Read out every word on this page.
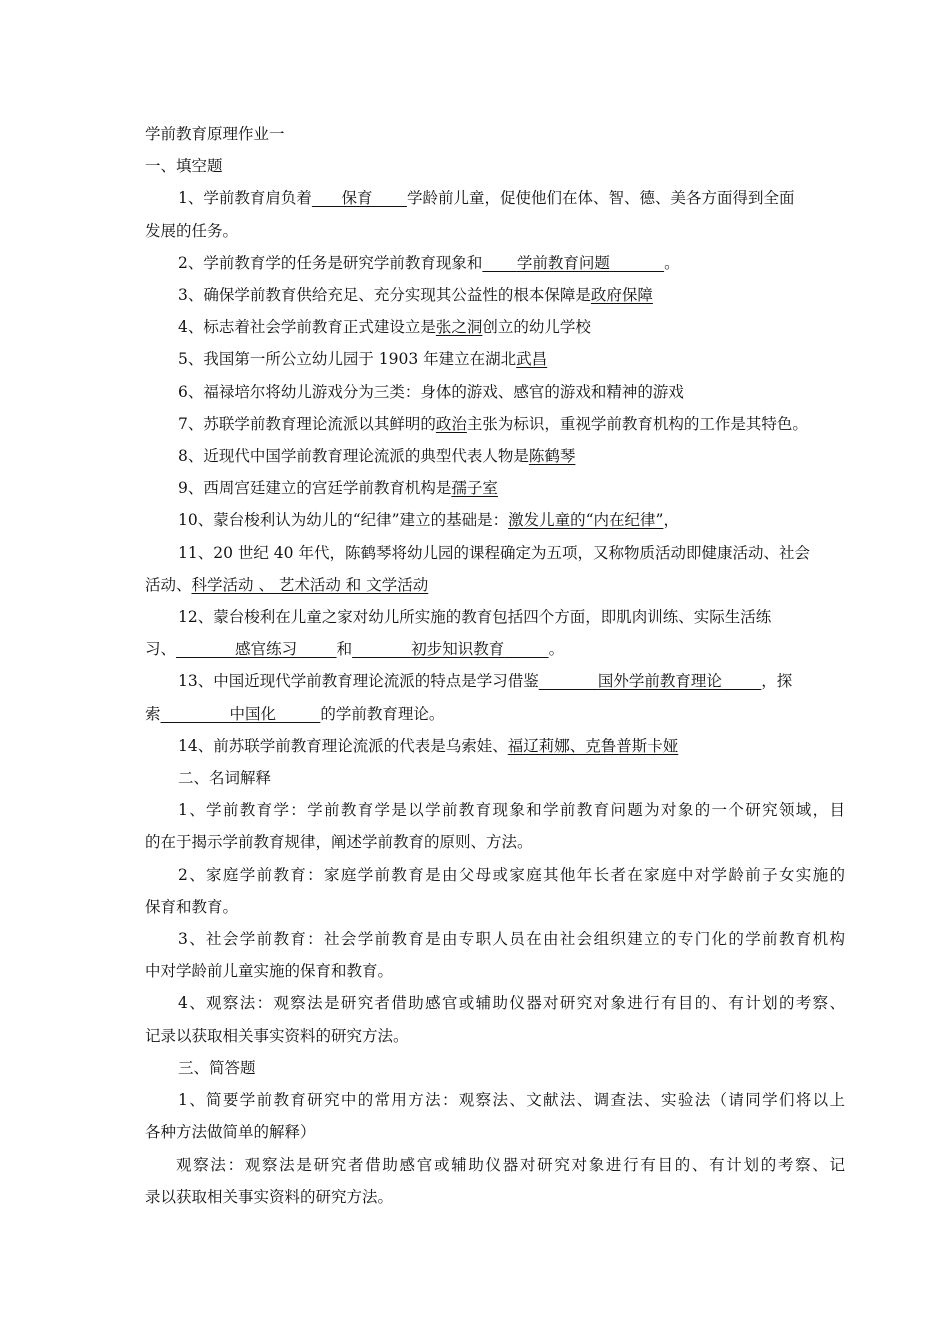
学前教育原理作业一
一、填空题
1、学前教育肩负着 保育 学龄前儿童，促使他们在体、智、德、美各方面得到全面
发展的任务。
2、学前教育学的任务是研究学前教育现象和 学前教育问题	。
3、确保学前教育供给充足、充分实现其公益性的根本保障是政府保障
4、标志着社会学前教育正式建设立是张之洞创立的幼儿学校
5、我国第一所公立幼儿园于 1903 年建立在湖北武昌
6、福禄培尔将幼儿游戏分为三类：身体的游戏、感官的游戏和精神的游戏
7、苏联学前教育理论流派以其鲜明的政治主张为标识，重视学前教育机构的工作是其特色。
8、近现代中国学前教育理论流派的典型代表人物是陈鹤琴
9、西周宫廷建立的宫廷学前教育机构是孺子室
10、蒙台梭利认为幼儿的“纪律”建立的基础是：激发儿童的“内在纪律”，
11、20 世纪 40 年代，陈鹤琴将幼儿园的课程确定为五项，又称物质活动即健康活动、社会
活动、科学活动 、 艺术活动 和 文学活动
12、蒙台梭利在儿童之家对幼儿所实施的教育包括四个方面，即肌肉训练、实际生活练
习、	感官练习	和	初步知识教育	。
13、中国近现代学前教育理论流派的特点是学习借鉴	国外学前教育理论	，探
索	中国化	的学前教育理论。
14、前苏联学前教育理论流派的代表是乌索娃、福辽莉娜、克鲁普斯卡娅
二、名词解释
1、学前教育学：学前教育学是以学前教育现象和学前教育问题为对象的一个研究领域，目
的在于揭示学前教育规律，阐述学前教育的原则、方法。
2、家庭学前教育：家庭学前教育是由父母或家庭其他年长者在家庭中对学龄前子女实施的
保育和教育。
3、社会学前教育：社会学前教育是由专职人员在由社会组织建立的专门化的学前教育机构
中对学龄前儿童实施的保育和教育。
4、观察法：观察法是研究者借助感官或辅助仪器对研究对象进行有目的、有计划的考察、
记录以获取相关事实资料的研究方法。
三、简答题
1、简要学前教育研究中的常用方法：观察法、文献法、调查法、实验法（请同学们将以上
各种方法做简单的解释）
观察法：观察法是研究者借助感官或辅助仪器对研究对象进行有目的、有计划的考察、记
录以获取相关事实资料的研究方法。
